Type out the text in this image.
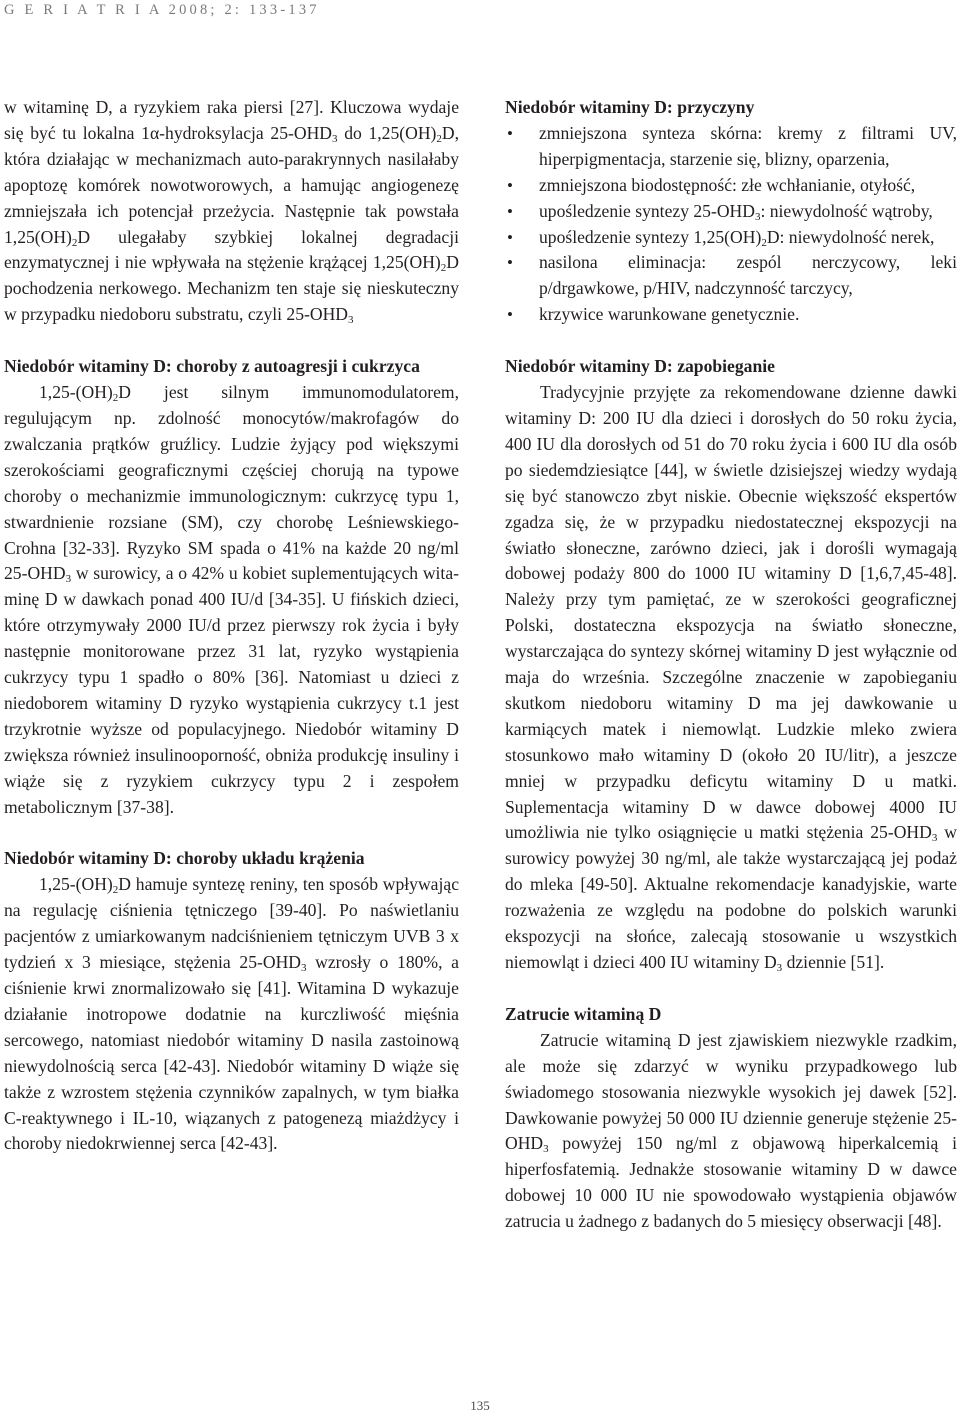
G E R I A T R I A 2008; 2: 133-137

w witaminę D, a ryzykiem raka piersi [27]. Kluczowa wydaje się być tu lokalna 1α-hydroksylacja $25-OHD_3$ do $1,25(OH)_2D$, która działając w mechanizmach auto-parakrynnych nasilałaby apoptozę komórek nowotworowych, a hamując angiogenezę zmniejszała ich potencjał przeżycia. Następnie tak powstała $1,25(OH)_2D$ ulegałaby szybkiej lokalnej degradacji enzymatycznej i nie wpływała na stężenie krążącej $1,25(OH)_2D$ pochodzenia nerkowego. Mechanizm ten staje się nieskuteczny w przypadku niedoboru substratu, czyli $25-OHD_3$

Niedobór witaminy D: choroby z autoagresji i cukrzyca

$1,25-(OH)_2D$ jest silnym immunomodulatorem, regulującym np. zdolność monocytów/makrofagów do zwalczania prątków gruźlicy. Ludzie żyjący pod większymi szerokościami geograficznymi częściej chorują na typowe choroby o mechanizmie immunologicznym: cukrzycę typu 1, stwardnienie rozsiane (SM), czy chorobę Leśniewskiego-Crohna [32-33]. Ryzyko SM spada o 41% na każde 20 ng/ml $25-OHD_3$ w surowicy, a o 42% u kobiet suplementujących witaminę D w dawkach ponad 400 IU/d [34-35]. U fińskich dzieci, które otrzymywały 2000 IU/d przez pierwszy rok życia i były następnie monitorowane przez 31 lat, ryzyko wystąpienia cukrzycy typu 1 spadło o 80% [36]. Natomiast u dzieci z niedoborem witaminy D ryzyko wystąpienia cukrzycy t.1 jest trzykrotnie wyższe od populacyjnego. Niedobór witaminy D zwiększa również insulinooporność, obniża produkcję insuliny i wiąże się z ryzykiem cukrzycy typu 2 i zespołem metabolicznym [37-38].

Niedobór witaminy D: choroby układu krążenia

$1,25-(OH)_2D$ hamuje syntezę reniny, ten sposób wpływając na regulację ciśnienia tętniczego [39-40]. Po naświetlaniu pacjentów z umiarkowanym nadciśnieniem tętniczym UVB 3 x tydzień x 3 miesiące, stężenia $25-OHD_3$ wzrosły o 180%, a ciśnienie krwi znormalizowało się [41]. Witamina D wykazuje działanie inotropowe dodatnie na kurczliwość mięśnia sercowego, natomiast niedobór witaminy D nasila zastoinową niewydolnością serca [42-43]. Niedobór witaminy D wiąże się także z wzrostem stężenia czynników zapalnych, w tym białka C-reaktywnego i IL-10, wiązanych z patogenezą miażdżycy i choroby niedokrwiennej serca [42-43].

Niedobór witaminy D: przyczyny
• zmniejszona synteza skórna: kremy z filtrami UV, hiperpigmentacja, starzenie się, blizny, oparzenia,
• zmniejszona biodostępność: złe wchłanianie, otyłość,
• upośledzenie syntezy $25-OHD_3$: niewydolność wątroby,
• upośledzenie syntezy $1,25(OH)_2D$: niewydolność nerek,
• nasilona eliminacja: zespól nerczycowy, leki p/drgawkowe, p/HIV, nadczynność tarczycy,
• krzywice warunkowane genetycznie.
Niedobór witaminy D: zapobieganie

Tradycyjnie przyjęte za rekomendowane dzienne dawki witaminy D: 200 IU dla dzieci i dorosłych do 50 roku życia, 400 IU dla dorosłych od 51 do 70 roku życia i 600 IU dla osób po siedemdziesiątce [44], w świetle dzisiejszej wiedzy wydają się być stanowczo zbyt niskie. Obecnie większość ekspertów zgadza się, że w przypadku niedostatecznej ekspozycji na światło słoneczne, zarówno dzieci, jak i dorośli wymagają dobowej podaży 800 do 1000 IU witaminy D [1,6,7,45-48]. Należy przy tym pamiętać, ze w szerokości geograficznej Polski, dostateczna ekspozycja na światło słoneczne, wystarczająca do syntezy skórnej witaminy D jest wyłącznie od maja do września. Szczególne znaczenie w zapobieganiu skutkom niedoboru witaminy D ma jej dawkowanie u karmiących matek i niemowląt. Ludzkie mleko zwiera stosunkowo mało witaminy D (około 20 IU/litr), a jeszcze mniej w przypadku deficytu witaminy D u matki. Suplementacja witaminy D w dawce dobowej 4000 IU umożliwia nie tylko osiągnięcie u matki stężenia $25-OHD_3$ w surowicy powyżej 30 ng/ml, ale także wystarczającą jej podaż do mleka [49-50]. Aktualne rekomendacje kanadyjskie, warte rozważenia ze względu na podobne do polskich warunki ekspozycji na słońce, zalecają stosowanie u wszystkich niemowląt i dzieci 400 IU witaminy $D_3$ dziennie [51].

Zatrucie witaminą D

Zatrucie witaminą D jest zjawiskiem niezwykle rzadkim, ale może się zdarzyć w wyniku przypadkowego lub świadomego stosowania niezwykle wysokich jej dawek [52]. Dawkowanie powyżej 50 000 IU dziennie generuje stężenie $25-OHD_3$ powyżej 150 ng/ml z objawową hiperkalcemią i hiperfosfatemią. Jednakże stosowanie witaminy D w dawce dobowej 10 000 IU nie spowodowało wystąpienia objawów zatrucia u żadnego z badanych do 5 miesięcy obserwacji [48].

135
